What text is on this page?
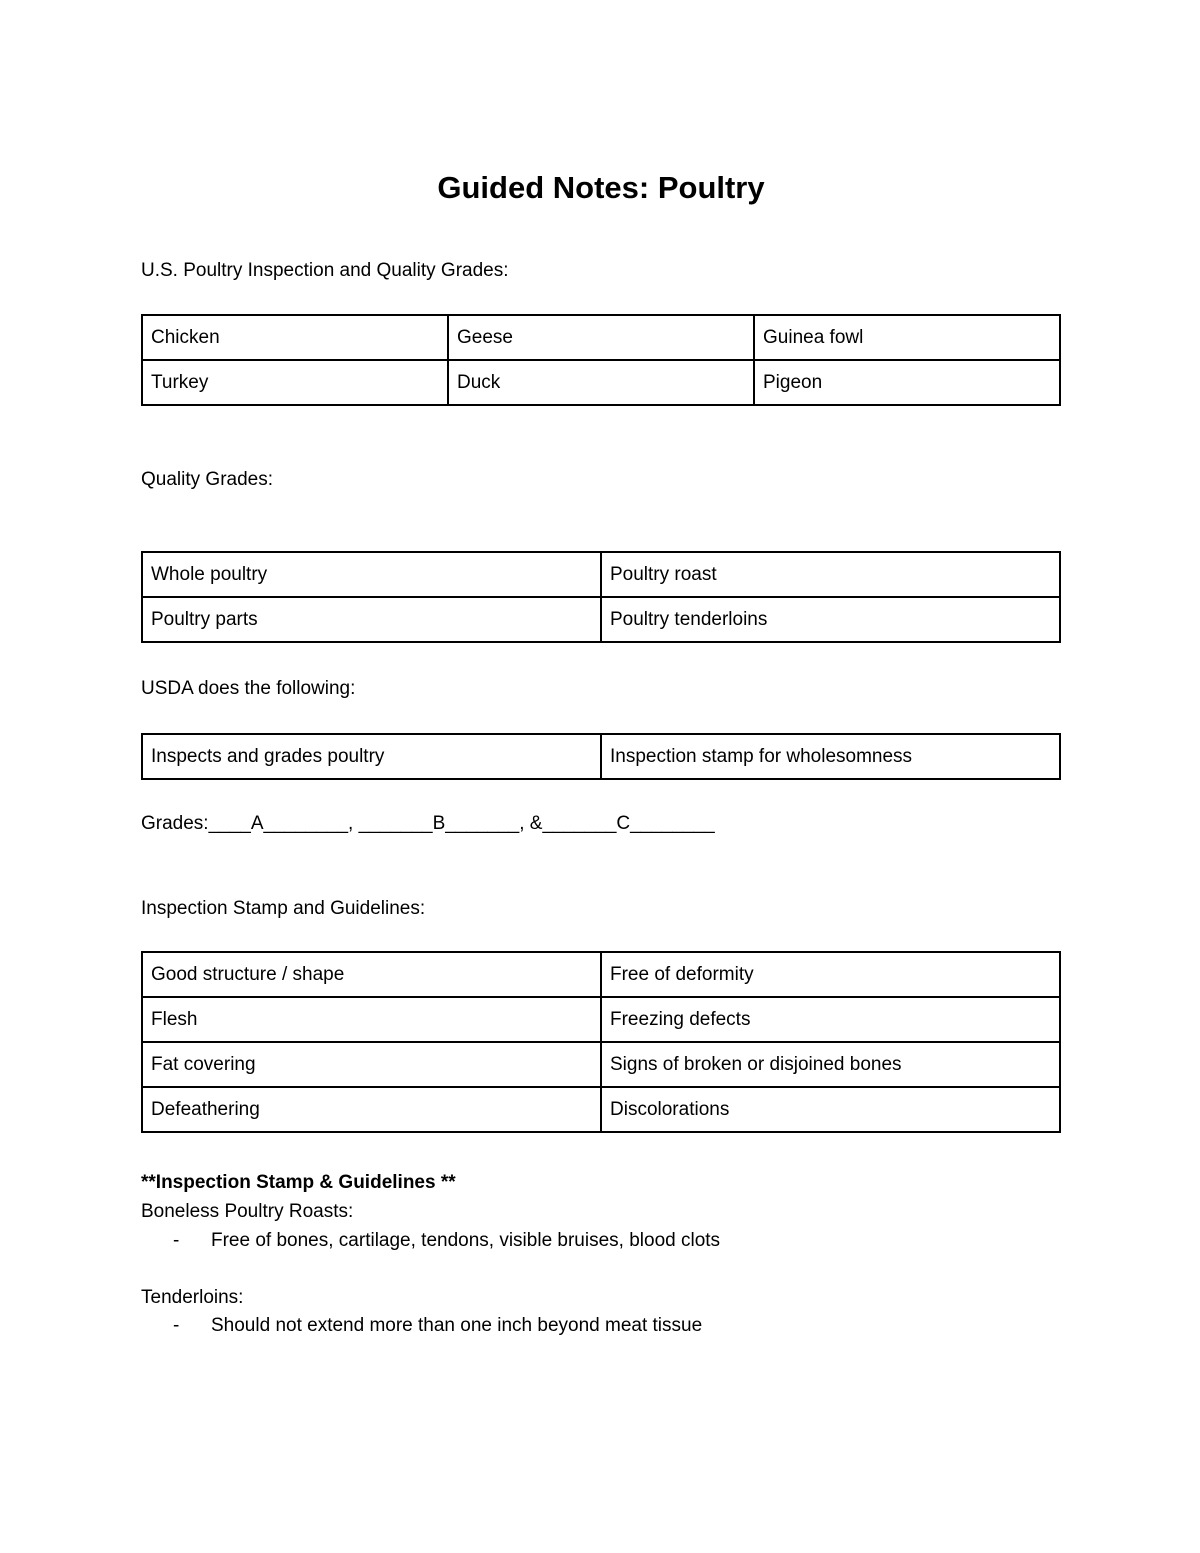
Guided Notes: Poultry
U.S. Poultry Inspection and Quality Grades:
Chicken	Geese	Guinea fowl
Turkey	Duck	Pigeon
Quality Grades:
Whole poultry	Poultry roast
Poultry parts	Poultry tenderloins
USDA does the following:
Inspects and grades poultry	Inspection stamp for wholesomness
Grades:____A________, _______B_______, &_______C________
Inspection Stamp and Guidelines:
Good structure / shape	Free of deformity
Flesh	Freezing defects
Fat covering	Signs of broken or disjoined bones
Defeathering	Discolorations
**Inspection Stamp & Guidelines **
Boneless Poultry Roasts:
- Free of bones, cartilage, tendons, visible bruises, blood clots
Tenderloins:
- Should not extend more than one inch beyond meat tissue
